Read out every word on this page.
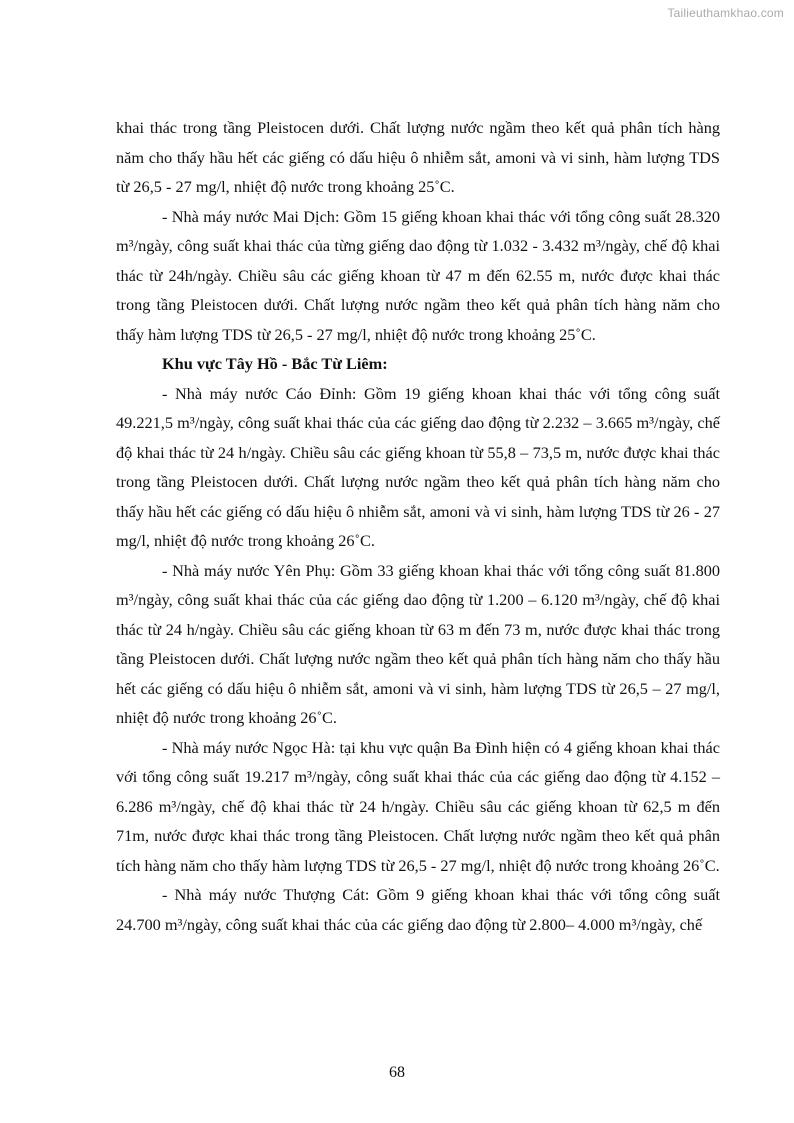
Tailieuthamkhao.com

khai thác trong tầng Pleistocen dưới. Chất lượng nước ngầm theo kết quả phân tích hàng năm cho thấy hầu hết các giếng có dấu hiệu ô nhiễm sắt, amoni và vi sinh, hàm lượng TDS từ 26,5 - 27 mg/l, nhiệt độ nước trong khoảng 25˚C.

- Nhà máy nước Mai Dịch: Gồm 15 giếng khoan khai thác với tổng công suất 28.320 m³/ngày, công suất khai thác của từng giếng dao động từ 1.032 - 3.432 m³/ngày, chế độ khai thác từ 24h/ngày. Chiều sâu các giếng khoan từ 47 m đến 62.55 m, nước được khai thác trong tầng Pleistocen dưới. Chất lượng nước ngầm theo kết quả phân tích hàng năm cho thấy hàm lượng TDS từ 26,5 - 27 mg/l, nhiệt độ nước trong khoảng 25˚C.

Khu vực Tây Hồ - Bắc Từ Liêm:

- Nhà máy nước Cáo Đỉnh: Gồm 19 giếng khoan khai thác với tổng công suất 49.221,5 m³/ngày, công suất khai thác của các giếng dao động từ 2.232 – 3.665 m³/ngày, chế độ khai thác từ 24 h/ngày. Chiều sâu các giếng khoan từ 55,8 – 73,5 m, nước được khai thác trong tầng Pleistocen dưới. Chất lượng nước ngầm theo kết quả phân tích hàng năm cho thấy hầu hết các giếng có dấu hiệu ô nhiễm sắt, amoni và vi sinh, hàm lượng TDS từ 26 - 27 mg/l, nhiệt độ nước trong khoảng 26˚C.

- Nhà máy nước Yên Phụ: Gồm 33 giếng khoan khai thác với tổng công suất 81.800 m³/ngày, công suất khai thác của các giếng dao động từ 1.200 – 6.120 m³/ngày, chế độ khai thác từ 24 h/ngày. Chiều sâu các giếng khoan từ 63 m đến 73 m, nước được khai thác trong tầng Pleistocen dưới. Chất lượng nước ngầm theo kết quả phân tích hàng năm cho thấy hầu hết các giếng có dấu hiệu ô nhiễm sắt, amoni và vi sinh, hàm lượng TDS từ 26,5 – 27 mg/l, nhiệt độ nước trong khoảng 26˚C.

- Nhà máy nước Ngọc Hà: tại khu vực quận Ba Đình hiện có 4 giếng khoan khai thác với tổng công suất 19.217 m³/ngày, công suất khai thác của các giếng dao động từ 4.152 – 6.286 m³/ngày, chế độ khai thác từ 24 h/ngày. Chiều sâu các giếng khoan từ 62,5 m đến 71m, nước được khai thác trong tầng Pleistocen. Chất lượng nước ngầm theo kết quả phân tích hàng năm cho thấy hàm lượng TDS từ 26,5 - 27 mg/l, nhiệt độ nước trong khoảng 26˚C.

- Nhà máy nước Thượng Cát: Gồm 9 giếng khoan khai thác với tổng công suất 24.700 m³/ngày, công suất khai thác của các giếng dao động từ 2.800– 4.000 m³/ngày, chế

68
